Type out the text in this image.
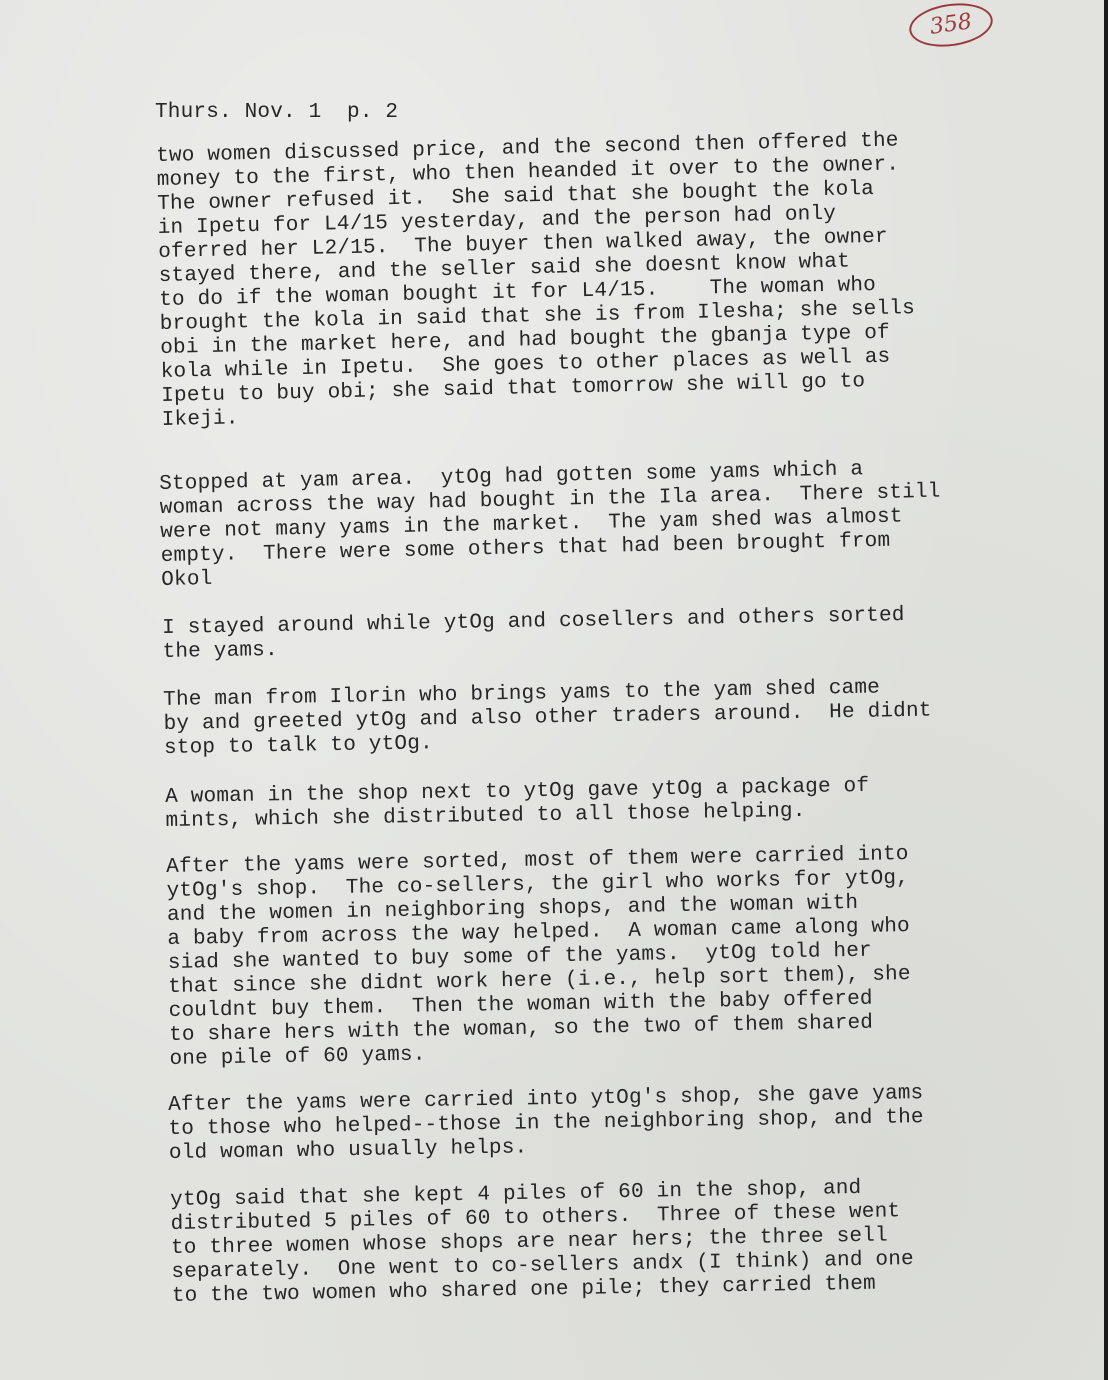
358

Thurs. Nov. 1  p. 2

two women discussed price, and the second then offered the
money to the first, who then heanded it over to the owner.
The owner refused it.  She said that she bought the kola
in Ipetu for L4/15 yesterday, and the person had only
oferred her L2/15.  The buyer then walked away, the owner
stayed there, and the seller said she doesnt know what
to do if the woman bought it for L4/15.    The woman who
brought the kola in said that she is from Ilesha; she sells
obi in the market here, and had bought the gbanja type of
kola while in Ipetu.  She goes to other places as well as
Ipetu to buy obi; she said that tomorrow she will go to
Ikeji.

Stopped at yam area.  ytOg had gotten some yams which a
woman across the way had bought in the Ila area.  There still
were not many yams in the market.  The yam shed was almost
empty.  There were some others that had been brought from
Okol

I stayed around while ytOg and cosellers and others sorted
the yams.

The man from Ilorin who brings yams to the yam shed came
by and greeted ytOg and also other traders around.  He didnt
stop to talk to ytOg.

A woman in the shop next to ytOg gave ytOg a package of
mints, which she distributed to all those helping.

After the yams were sorted, most of them were carried into
ytOg's shop.  The co-sellers, the girl who works for ytOg,
and the women in neighboring shops, and the woman with
a baby from across the way helped.  A woman came along who
siad she wanted to buy some of the yams.  ytOg told her
that since she didnt work here (i.e., help sort them), she
couldnt buy them.  Then the woman with the baby offered
to share hers with the woman, so the two of them shared
one pile of 60 yams.

After the yams were carried into ytOg's shop, she gave yams
to those who helped--those in the neighboring shop, and the
old woman who usually helps.

ytOg said that she kept 4 piles of 60 in the shop, and
distributed 5 piles of 60 to others.  Three of these went
to three women whose shops are near hers; the three sell
separately.  One went to co-sellers andx (I think) and one
to the two women who shared one pile; they carried them
